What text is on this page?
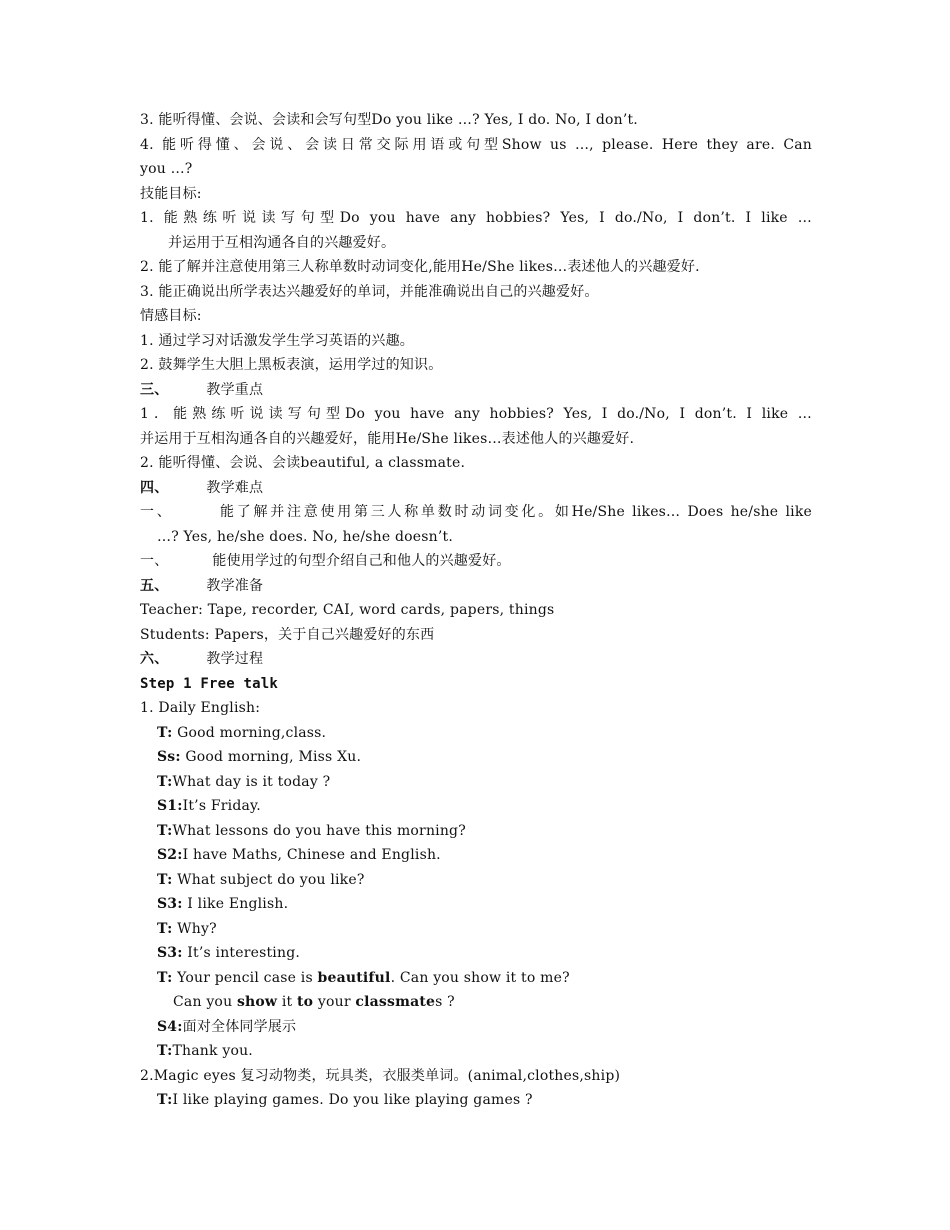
3. 能听得懂、会说、会读和会写句型Do you like …? Yes, I do. No, I don’t.
4. 能听得懂、会说、会读日常交际用语或句型Show us …, please. Here they are. Can
you …?
技能目标:
1. 能熟练听说读写句型Do you have any hobbies? Yes, I do./No, I don’t. I like …
并运用于互相沟通各自的兴趣爱好。
2. 能了解并注意使用第三人称单数时动词变化,能用He/She likes…表述他人的兴趣爱好.
3. 能正确说出所学表达兴趣爱好的单词，并能准确说出自己的兴趣爱好。
情感目标:
1. 通过学习对话激发学生学习英语的兴趣。
2. 鼓舞学生大胆上黑板表演，运用学过的知识。
三、	教学重点
1．能熟练听说读写句型Do you have any hobbies? Yes, I do./No, I don’t. I like …
并运用于互相沟通各自的兴趣爱好，能用He/She likes…表述他人的兴趣爱好.
2. 能听得懂、会说、会读beautiful, a classmate.
四、	教学难点
一、	能了解并注意使用第三人称单数时动词变化。如He/She likes… Does he/she like
…? Yes, he/she does. No, he/she doesn’t.
一、	能使用学过的句型介绍自己和他人的兴趣爱好。
五、	教学准备
Teacher: Tape, recorder, CAI, word cards, papers, things
Students: Papers，关于自己兴趣爱好的东西
六、	教学过程
Step 1 Free talk
1. Daily English:
T: Good morning,class.
Ss: Good morning, Miss Xu.
T:What day is it today ?
S1:It’s Friday.
T:What lessons do you have this morning?
S2:I have Maths, Chinese and English.
T: What subject do you like?
S3: I like English.
T: Why?
S3: It’s interesting.
T: Your pencil case is beautiful. Can you show it to me?
Can you show it to your classmates ?
S4:面对全体同学展示
T:Thank you.
2.Magic eyes 复习动物类，玩具类，衣服类单词。(animal,clothes,ship)
T:I like playing games. Do you like playing games ?
